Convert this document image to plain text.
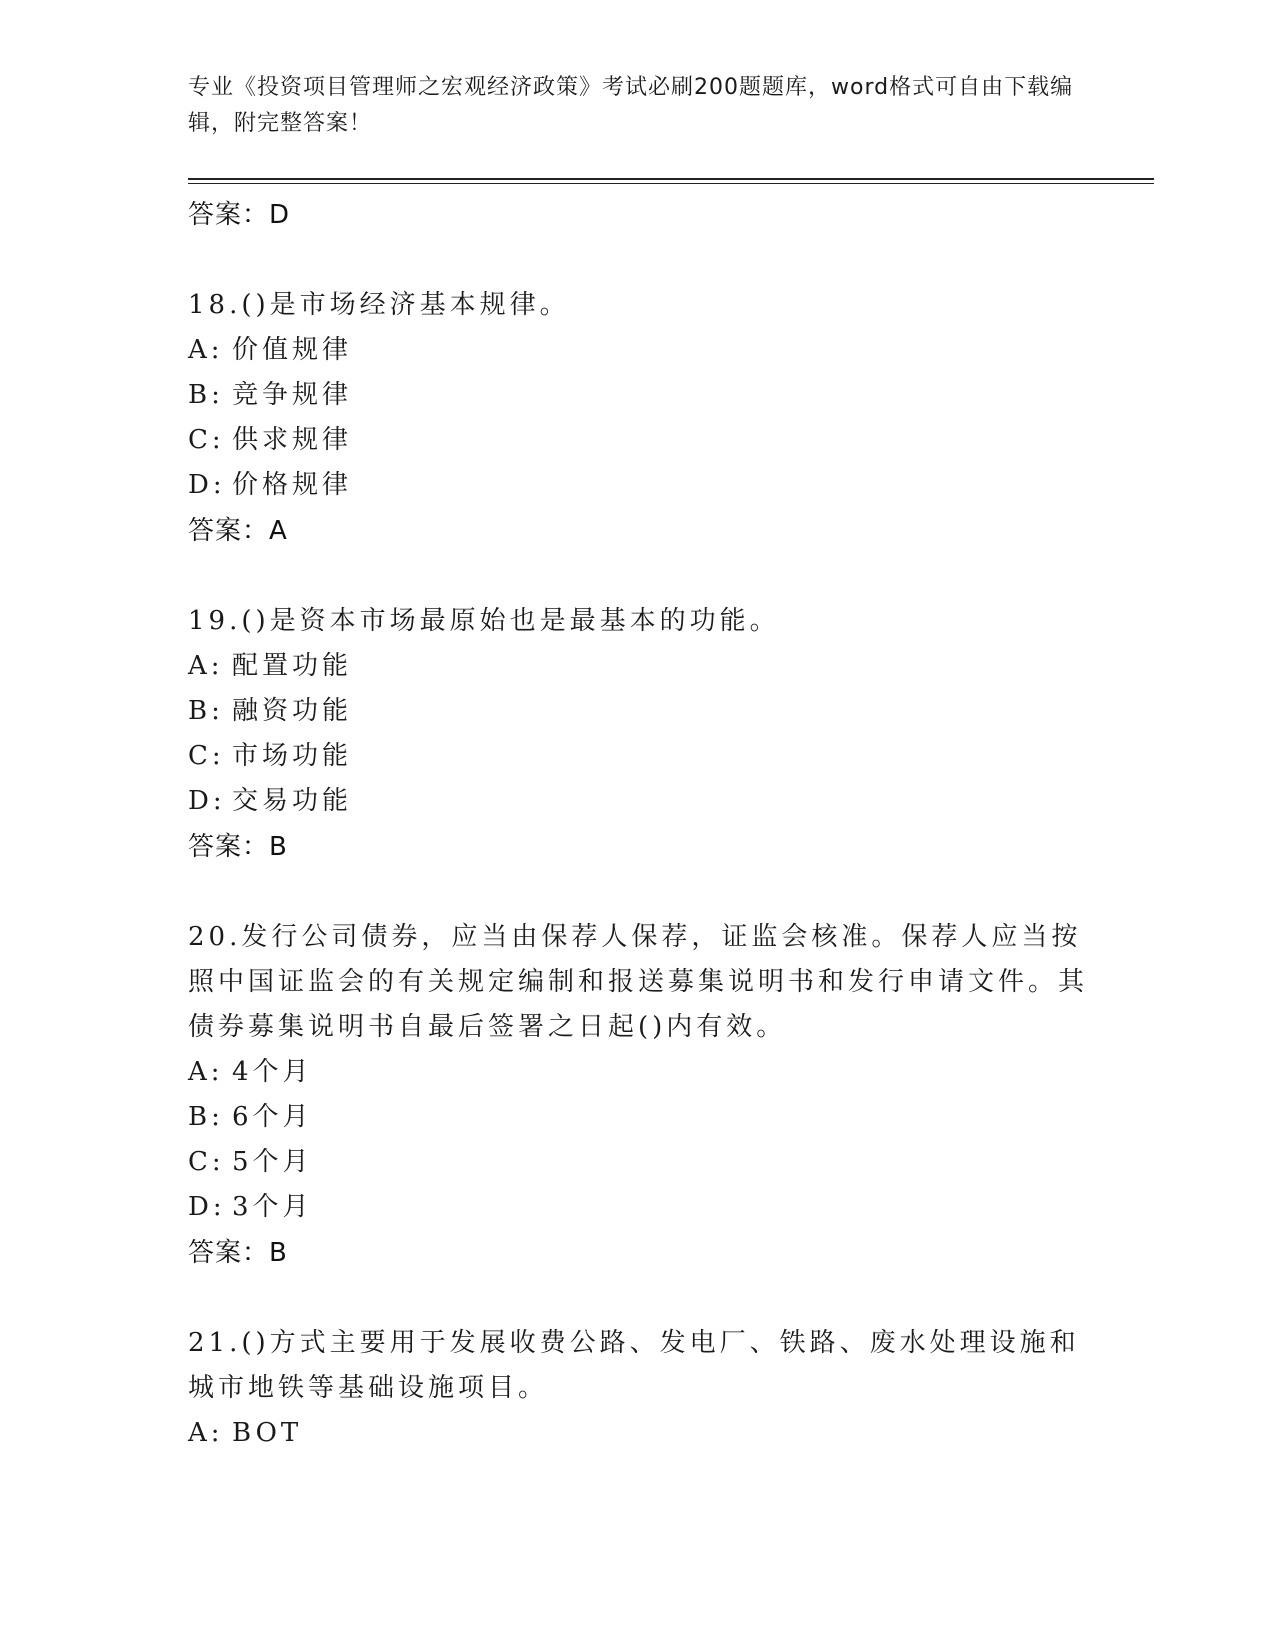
专业《投资项目管理师之宏观经济政策》考试必刷200题题库，word格式可自由下载编辑，附完整答案！
答案：D
18.()是市场经济基本规律。
A: 价值规律
B: 竞争规律
C: 供求规律
D: 价格规律
答案：A
19.()是资本市场最原始也是最基本的功能。
A: 配置功能
B: 融资功能
C: 市场功能
D: 交易功能
答案：B
20.发行公司债券，应当由保荐人保荐，证监会核准。保荐人应当按照中国证监会的有关规定编制和报送募集说明书和发行申请文件。其债券募集说明书自最后签署之日起()内有效。
A: 4个月
B: 6个月
C: 5个月
D: 3个月
答案：B
21.()方式主要用于发展收费公路、发电厂、铁路、废水处理设施和城市地铁等基础设施项目。
A: BOT
